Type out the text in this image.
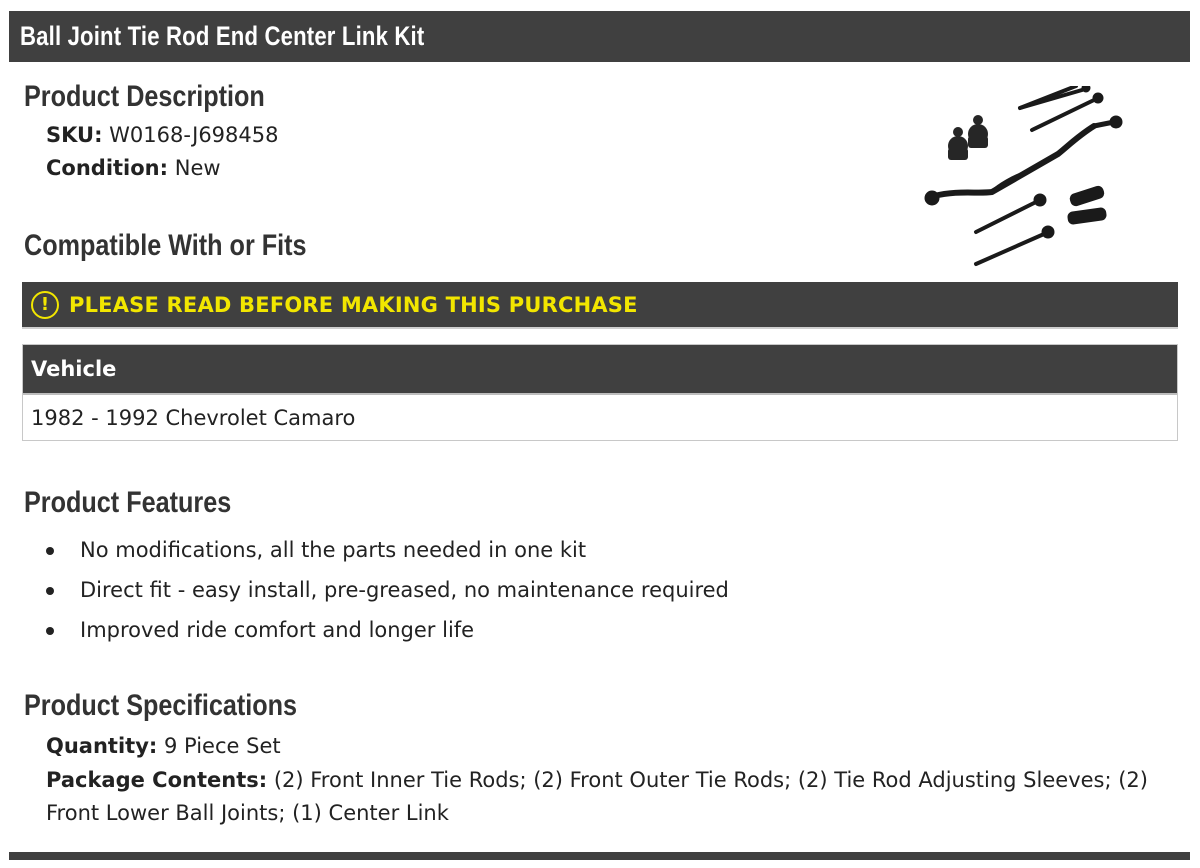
Ball Joint Tie Rod End Center Link Kit
Product Description
SKU: W0168-J698458
Condition: New
Compatible With or Fits
! PLEASE READ BEFORE MAKING THIS PURCHASE
Vehicle
1982 - 1992 Chevrolet Camaro
Product Features
No modifications, all the parts needed in one kit
Direct fit - easy install, pre-greased, no maintenance required
Improved ride comfort and longer life
Product Specifications
Quantity: 9 Piece Set
Package Contents: (2) Front Inner Tie Rods; (2) Front Outer Tie Rods; (2) Tie Rod Adjusting Sleeves; (2) Front Lower Ball Joints; (1) Center Link
